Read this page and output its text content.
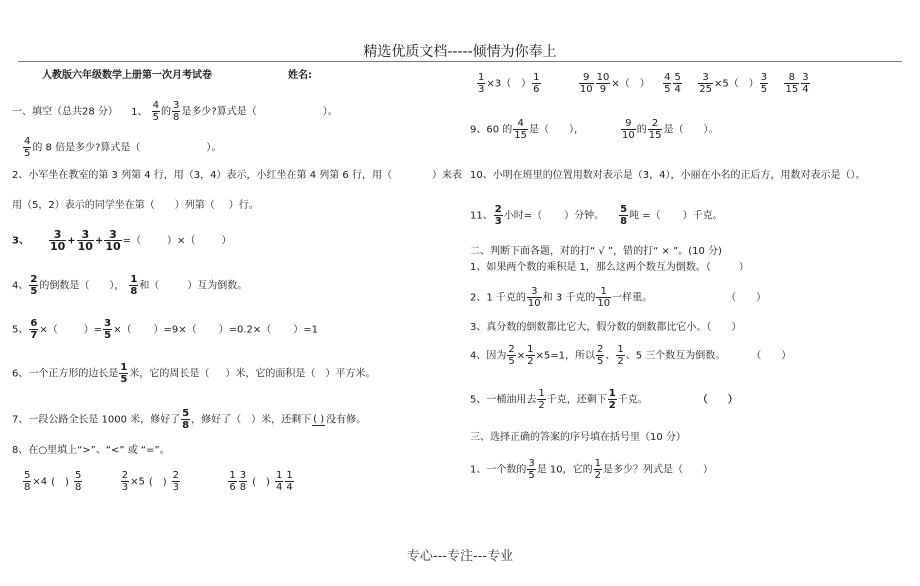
精选优质文档-----倾情为你奉上
专心---专注---专业
人教版六年级数学上册第一次月考试卷	姓名:
一、填空（总共28 分） 1、 $\frac{4}{5}$ 的 $\frac{3}{8}$ 是多少?算式是（	）。
$\frac{4}{5}$ 的 8 倍是多少?算式是（	）。
2、小军坐在教室的第 3 列第 4 行，用（3，4）表示，小红坐在第 4 列第 6 行，用（	）来表
用（5，2）表示的同学坐在第（ ）列第（ ）行。
3、 $\frac{3}{10} + \frac{3}{10} + \frac{3}{10}$ =（	）×（	）
4、 $\frac{2}{5}$ 的倒数是（ ）， $\frac{1}{8}$ 和（	）互为倒数。
5、 $\frac{6}{7}$ ×（	）= $\frac{3}{5}$ ×（ ）=9×（ ）=0.2×（ ）=1
6、一个正方形的边长是 $\frac{1}{5}$ 米，它的周长是（ ）米，它的面积是（ ）平方米。
7、一段公路全长是 1000 米，修好了 $\frac{5}{8}$ ，修好了（ ）米，还剩下 ( ) 没有修。
8、在○里填上“>”、“<” 或 “=”。
$\frac{5}{8} \times 4$ (　) $\frac{5}{8}$
	$\frac{2}{3} \times 5$ (　) $\frac{2}{3}$
	$\frac{1}{6} \frac{3}{8}$ (　) $\frac{1}{4} \frac{1}{4}$
$\frac{1}{3} \times 3$（　） $\frac{1}{6}$
	$\frac{9}{10} \frac{10}{9}$ ×（　） $\frac{4}{5} \frac{5}{4}$
$\frac{3}{25} \times 5$（　） $\frac{3}{5}$
$\frac{8}{15} \frac{3}{4}$
9、60 的 $\frac{4}{15}$ 是（ ），	$\frac{9}{10}$ 的 $\frac{2}{15}$ 是（ ）。
10、小明在班里的位置用数对表示是（3，4），小丽在小名的正后方，用数对表示是（）。
11、 $\frac{2}{3}$ 小时=（ ）分钟。 $\frac{5}{8}$ 吨 =（ ）千克。
二、判断下面各题，对的打“ √ ”，错的打“ × ”。(10 分)
1、如果两个数的乘积是 1，那么这两个数互为倒数。（	）
2、1 千克的 $\frac{3}{10}$ 和 3 千克的 $\frac{1}{10}$ 一样重。	（　　）
3、真分数的倒数都比它大，假分数的倒数都比它小。（　　）
4、因为 $\frac{2}{5} \times \frac{1}{2} \times 5=1$，所以 $\frac{2}{5}$ 、 $\frac{1}{2}$ 、5 三个数互为倒数。	（　　）
5、一桶油用去 $\frac{1}{2}$ 千克，还剩下 $\frac{1}{2}$ 千克。	（　　）
三、选择正确的答案的序号填在括号里（10 分）
1、一个数的 $\frac{3}{5}$ 是 10，它的 $\frac{1}{2}$ 是多少？列式是（　　）
